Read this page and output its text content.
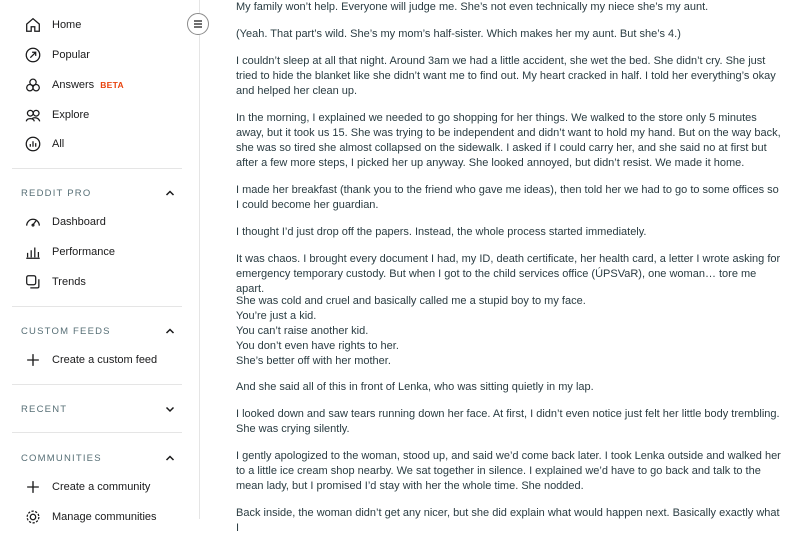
Home
Popular
Answers BETA
Explore
All
REDDIT PRO
Dashboard
Performance
Trends
CUSTOM FEEDS
Create a custom feed
RECENT
COMMUNITIES
Create a community
Manage communities

My family won’t help. Everyone will judge me. She’s not even technically my niece she’s my aunt.

(Yeah. That part’s wild. She’s my mom’s half-sister. Which makes her my aunt. But she’s 4.)

I couldn’t sleep at all that night. Around 3am we had a little accident, she wet the bed. She didn’t cry. She just tried to hide the blanket like she didn’t want me to find out. My heart cracked in half. I told her everything’s okay and helped her clean up.

In the morning, I explained we needed to go shopping for her things. We walked to the store only 5 minutes away, but it took us 15. She was trying to be independent and didn’t want to hold my hand. But on the way back, she was so tired she almost collapsed on the sidewalk. I asked if I could carry her, and she said no at first but after a few more steps, I picked her up anyway. She looked annoyed, but didn’t resist. We made it home.

I made her breakfast (thank you to the friend who gave me ideas), then told her we had to go to some offices so I could become her guardian.

I thought I’d just drop off the papers. Instead, the whole process started immediately.

It was chaos. I brought every document I had, my ID, death certificate, her health card, a letter I wrote asking for emergency temporary custody. But when I got to the child services office (ÚPSVaR), one woman… tore me apart.

She was cold and cruel and basically called me a stupid boy to my face.
You’re just a kid.
You can’t raise another kid.
You don’t even have rights to her.
She’s better off with her mother.

And she said all of this in front of Lenka, who was sitting quietly in my lap.

I looked down and saw tears running down her face. At first, I didn’t even notice just felt her little body trembling. She was crying silently.

I gently apologized to the woman, stood up, and said we’d come back later. I took Lenka outside and walked her to a little ice cream shop nearby. We sat together in silence. I explained we’d have to go back and talk to the mean lady, but I promised I’d stay with her the whole time. She nodded.

Back inside, the woman didn’t get any nicer, but she did explain what would happen next. Basically exactly what I
